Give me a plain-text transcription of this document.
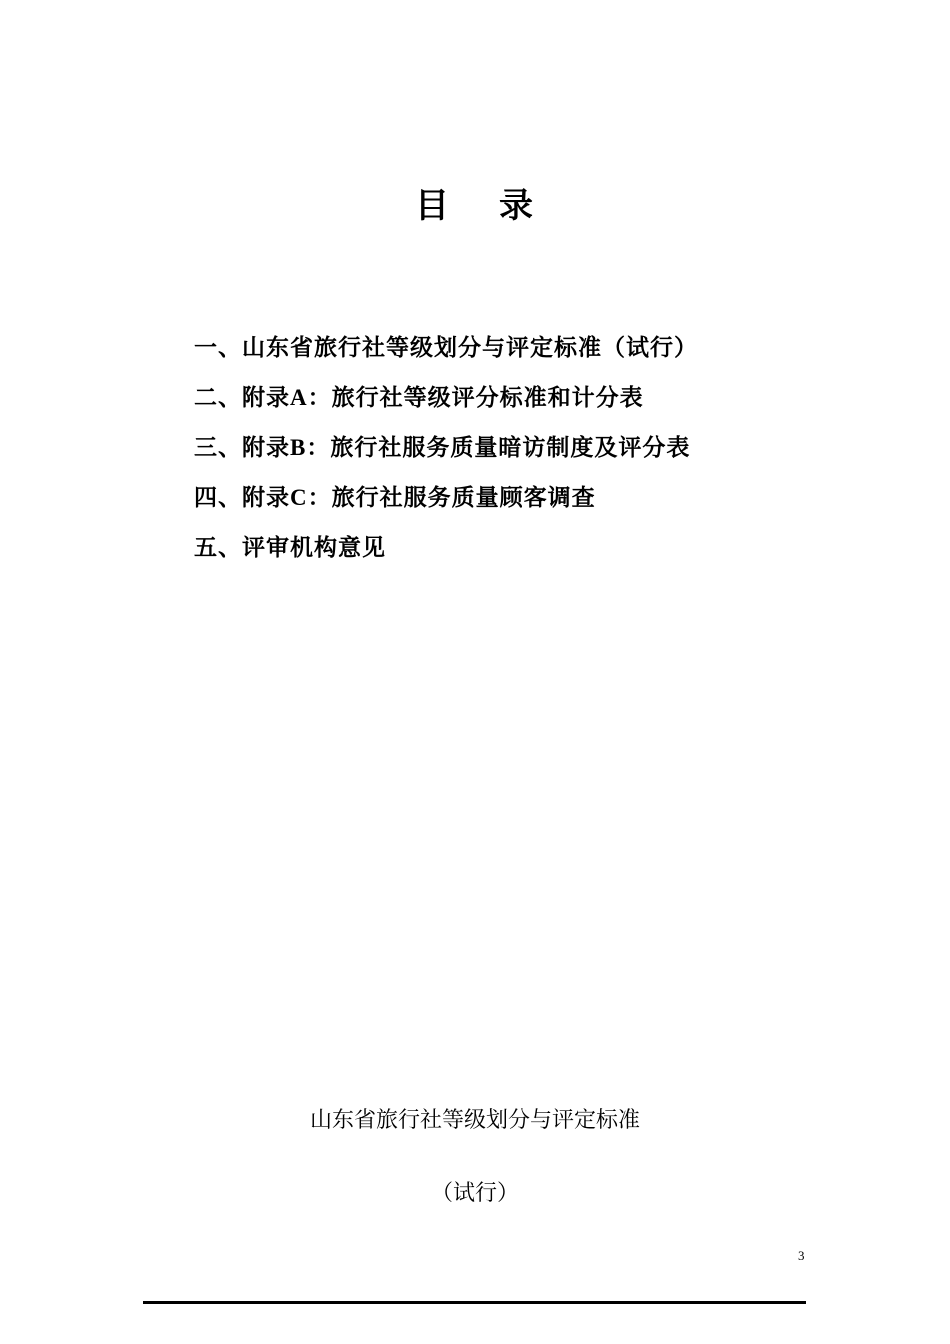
目 录
一、山东省旅行社等级划分与评定标准（试行）
二、附录A：旅行社等级评分标准和计分表
三、附录B：旅行社服务质量暗访制度及评分表
四、附录C：旅行社服务质量顾客调查
五、评审机构意见

山东省旅行社等级划分与评定标准

（试行）

3
